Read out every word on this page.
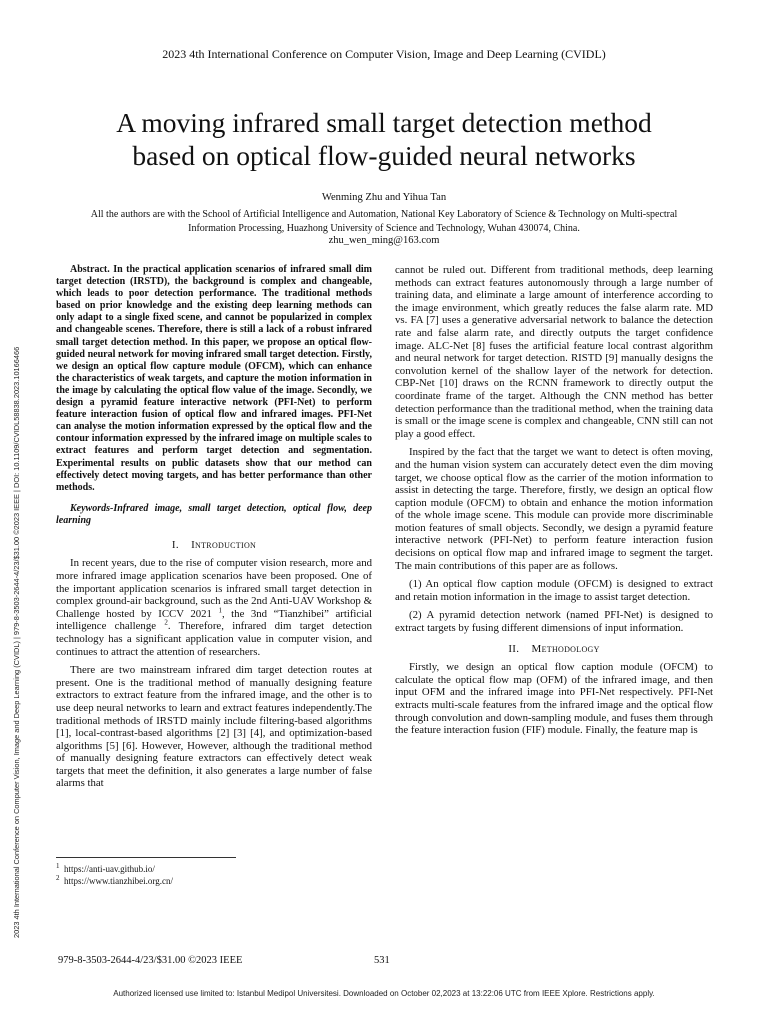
2023 4th International Conference on Computer Vision, Image and Deep Learning (CVIDL)
A moving infrared small target detection method
based on optical flow-guided neural networks
Wenming Zhu and Yihua Tan
All the authors are with the School of Artificial Intelligence and Automation, National Key Laboratory of Science & Technology on Multi-spectral Information Processing, Huazhong University of Science and Technology, Wuhan 430074, China.
zhu_wen_ming@163.com
2023 4th International Conference on Computer Vision, Image and Deep Learning (CVIDL) | 979-8-3503-2644-4/23/$31.00 ©2023 IEEE | DOI: 10.1109/CVIDL58838.2023.10166466

Abstract. In the practical application scenarios of infrared small dim target detection (IRSTD), the background is complex and changeable, which leads to poor detection performance. The traditional methods based on prior knowledge and the existing deep learning methods can only adapt to a single fixed scene, and cannot be popularized in complex and changeable scenes. Therefore, there is still a lack of a robust infrared small target detection method. In this paper, we propose an optical flow-guided neural network for moving infrared small target detection. Firstly, we design an optical flow capture module (OFCM), which can enhance the characteristics of weak targets, and capture the motion information in the image by calculating the optical flow value of the image. Secondly, we design a pyramid feature interactive network (PFI-Net) to perform feature interaction fusion of optical flow and infrared images. PFI-Net can analyse the motion information expressed by the optical flow and the contour information expressed by the infrared image on multiple scales to extract features and perform target detection and segmentation. Experimental results on public datasets show that our method can effectively detect moving targets, and has better performance than other methods.

Keywords-Infrared image, small target detection, optical flow, deep learning

I. Introduction

In recent years, due to the rise of computer vision research, more and more infrared image application scenarios have been proposed. One of the important application scenarios is infrared small target detection in complex ground-air background, such as the 2nd Anti-UAV Workshop & Challenge hosted by ICCV 2021 $^1$, the 3nd “Tianzhibei” artificial intelligence challenge $^2$. Therefore, infrared dim target detection technology has a significant application value in computer vision, and continues to attract the attention of researchers.

There are two mainstream infrared dim target detection routes at present. One is the traditional method of manually designing feature extractors to extract feature from the infrared image, and the other is to use deep neural networks to learn and extract features independently.The traditional methods of IRSTD mainly include filtering-based algorithms [1], local-contrast-based algorithms [2] [3] [4], and optimization-based algorithms [5] [6]. However, However, although the traditional method of manually designing feature extractors can effectively detect weak targets that meet the definition, it also generates a large number of false alarms that

cannot be ruled out. Different from traditional methods, deep learning methods can extract features autonomously through a large number of training data, and eliminate a large amount of interference according to the image environment, which greatly reduces the false alarm rate. MD vs. FA [7] uses a generative adversarial network to balance the detection rate and false alarm rate, and directly outputs the target confidence image. ALC-Net [8] fuses the artificial feature local contrast algorithm and neural network for target detection. RISTD [9] manually designs the convolution kernel of the shallow layer of the network for detection. CBP-Net [10] draws on the RCNN framework to directly output the coordinate frame of the target. Although the CNN method has better detection performance than the traditional method, when the training data is small or the image scene is complex and changeable, CNN still can not play a good effect.

Inspired by the fact that the target we want to detect is often moving, and the human vision system can accurately detect even the dim moving target, we choose optical flow as the carrier of the motion information to assist in detecting the targe. Therefore, firstly, we design an optical flow caption module (OFCM) to obtain and enhance the motion information of the whole image scene. This module can provide more discriminable motion features of small objects. Secondly, we design a pyramid feature interactive network (PFI-Net) to perform feature interaction fusion decisions on optical flow map and infrared image to segment the target. The main contributions of this paper are as follows.

(1) An optical flow caption module (OFCM) is designed to extract and retain motion information in the image to assist target detection.

(2) A pyramid detection network (named PFI-Net) is designed to extract targets by fusing different dimensions of input information.

II. Methodology

Firstly, we design an optical flow caption module (OFCM) to calculate the optical flow map (OFM) of the infrared image, and then input OFM and the infrared image into PFI-Net respectively. PFI-Net extracts multi-scale features from the infrared image and the optical flow through convolution and down-sampling module, and fuses them through the feature interaction fusion (FIF) module. Finally, the feature map is

$^1$ https://anti-uav.github.io/
$^2$ https://www.tianzhibei.org.cn/
979-8-3503-2644-4/23/$31.00 ©2023 IEEE	531
Authorized licensed use limited to: Istanbul Medipol Universitesi. Downloaded on October 02,2023 at 13:22:06 UTC from IEEE Xplore. Restrictions apply.
